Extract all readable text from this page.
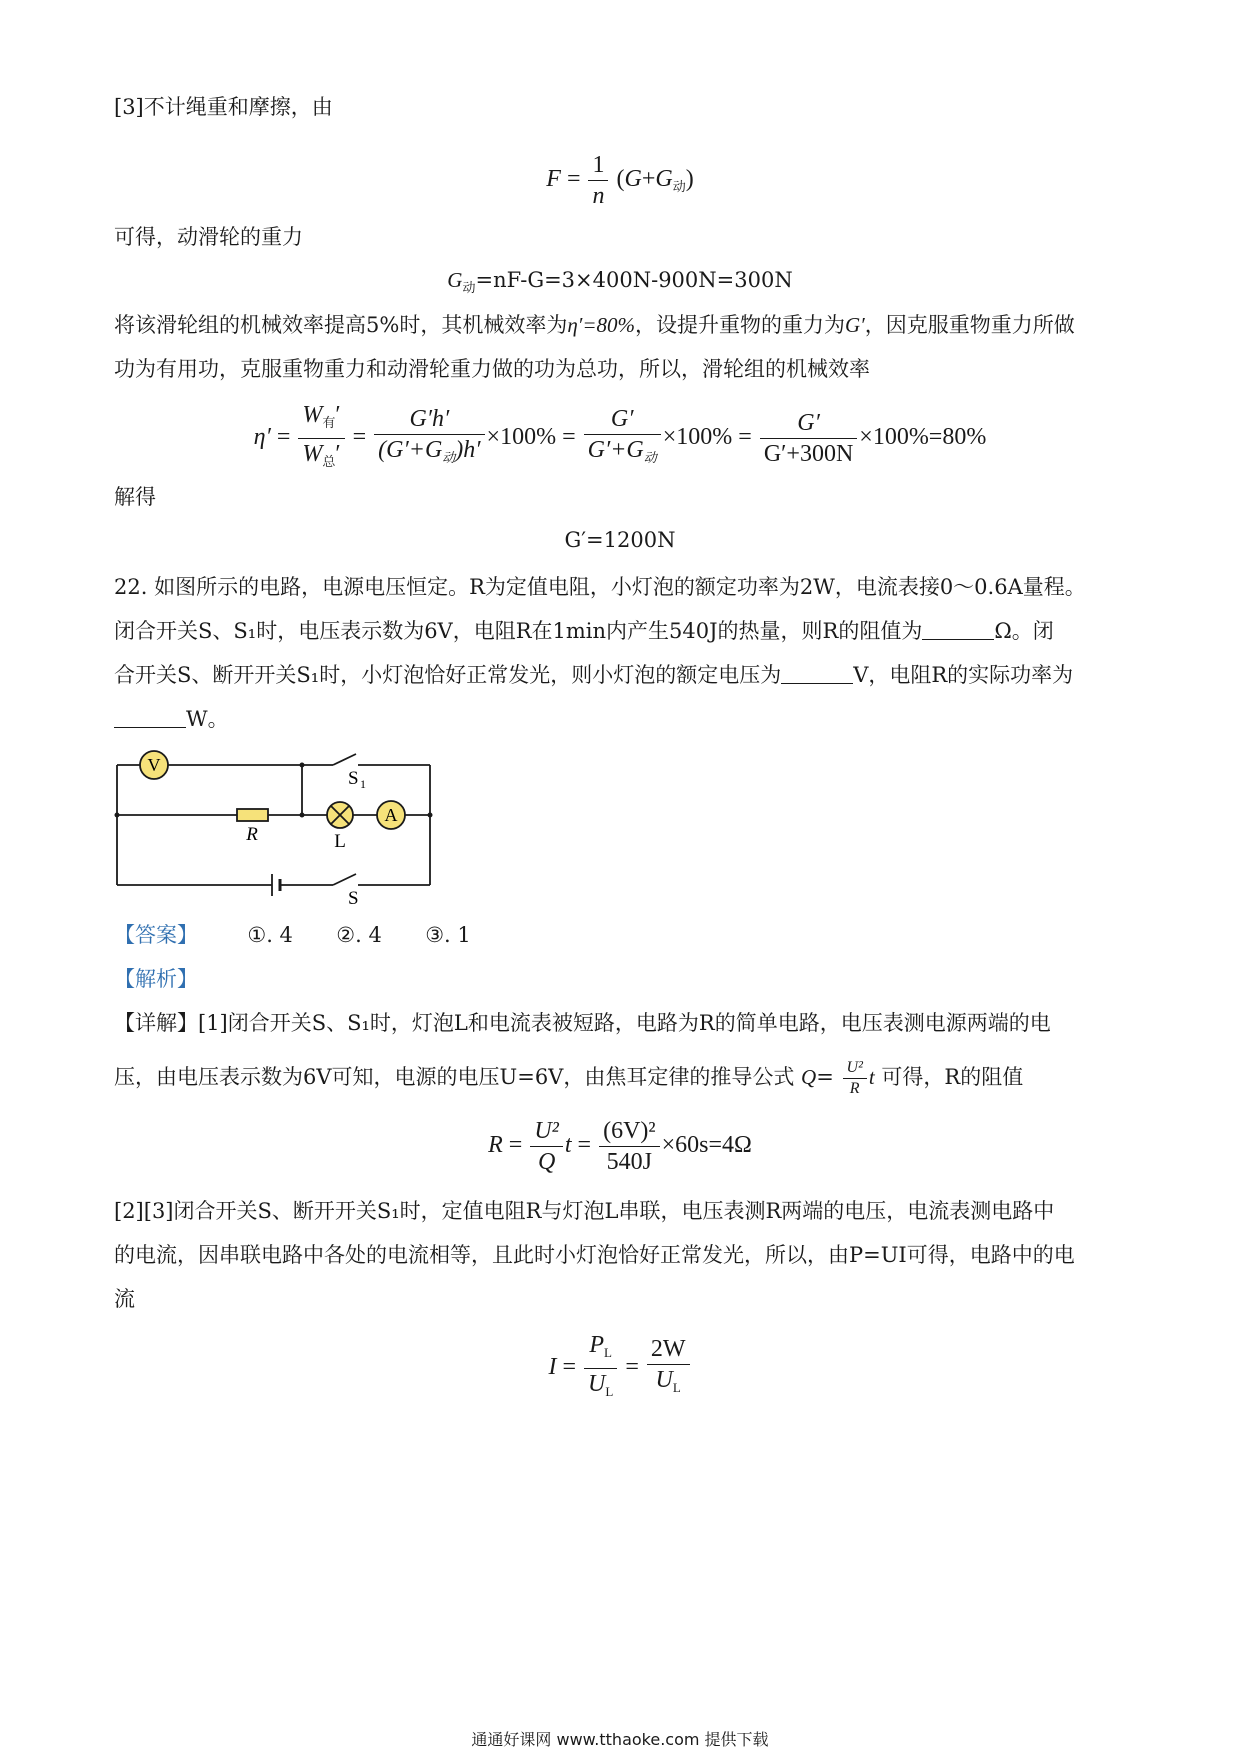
[3]不计绳重和摩擦，由
$F = \frac{1}{n} (G+G_动)$
可得，动滑轮的重力
$G_动=nF-G=3\times 400N-900N=300N$
将该滑轮组的机械效率提高5%时，其机械效率为η′=80%，设提升重物的重力为G′，因克服重物重力所做
功为有用功，克服重物重力和动滑轮重力做的功为总功，所以，滑轮组的机械效率
$\eta' = \frac{W_有'}{W_总'} = \frac{G'h'}{(G'+G_动)h'} \times 100\% = \frac{G'}{G'+G_动} \times 100\% = \frac{G'}{G'+300N} \times 100\%=80\%$
解得
G′=1200N
22. 如图所示的电路，电源电压恒定。R为定值电阻，小灯泡的额定功率为2W，电流表接0～0.6A量程。
闭合开关S、S₁时，电压表示数为6V，电阻R在1min内产生540J的热量，则R的阻值为	Ω。闭
合开关S、断开开关S₁时，小灯泡恰好正常发光，则小灯泡的额定电压为	V，电阻R的实际功率为
W。
V
R	L
A
S 1
S
【答案】 ①. 4 ②. 4 ③. 1
【解析】
【详解】[1]闭合开关S、S₁时，灯泡L和电流表被短路，电路为R的简单电路，电压表测电源两端的电
压，由电压表示数为6V可知，电源的电压U=6V，由焦耳定律的推导公式 $Q= \frac{\text{U²}}{R}$ t 可得，R的阻值
$R = \frac{\text{U²}}{Q}$ $t = \frac{\text{(6V)²}}{540J} \times 60s=4\Omega$
[2][3]闭合开关S、断开开关S₁时，定值电阻R与灯泡L串联，电压表测R两端的电压，电流表测电路中
的电流，因串联电路中各处的电流相等，且此时小灯泡恰好正常发光，所以，由P=UI可得，电路中的电
流
$I = \frac{P_L}{U_L} = \frac{2W}{U_L}$
通通好课网 www.tthaoke.com 提供下载
